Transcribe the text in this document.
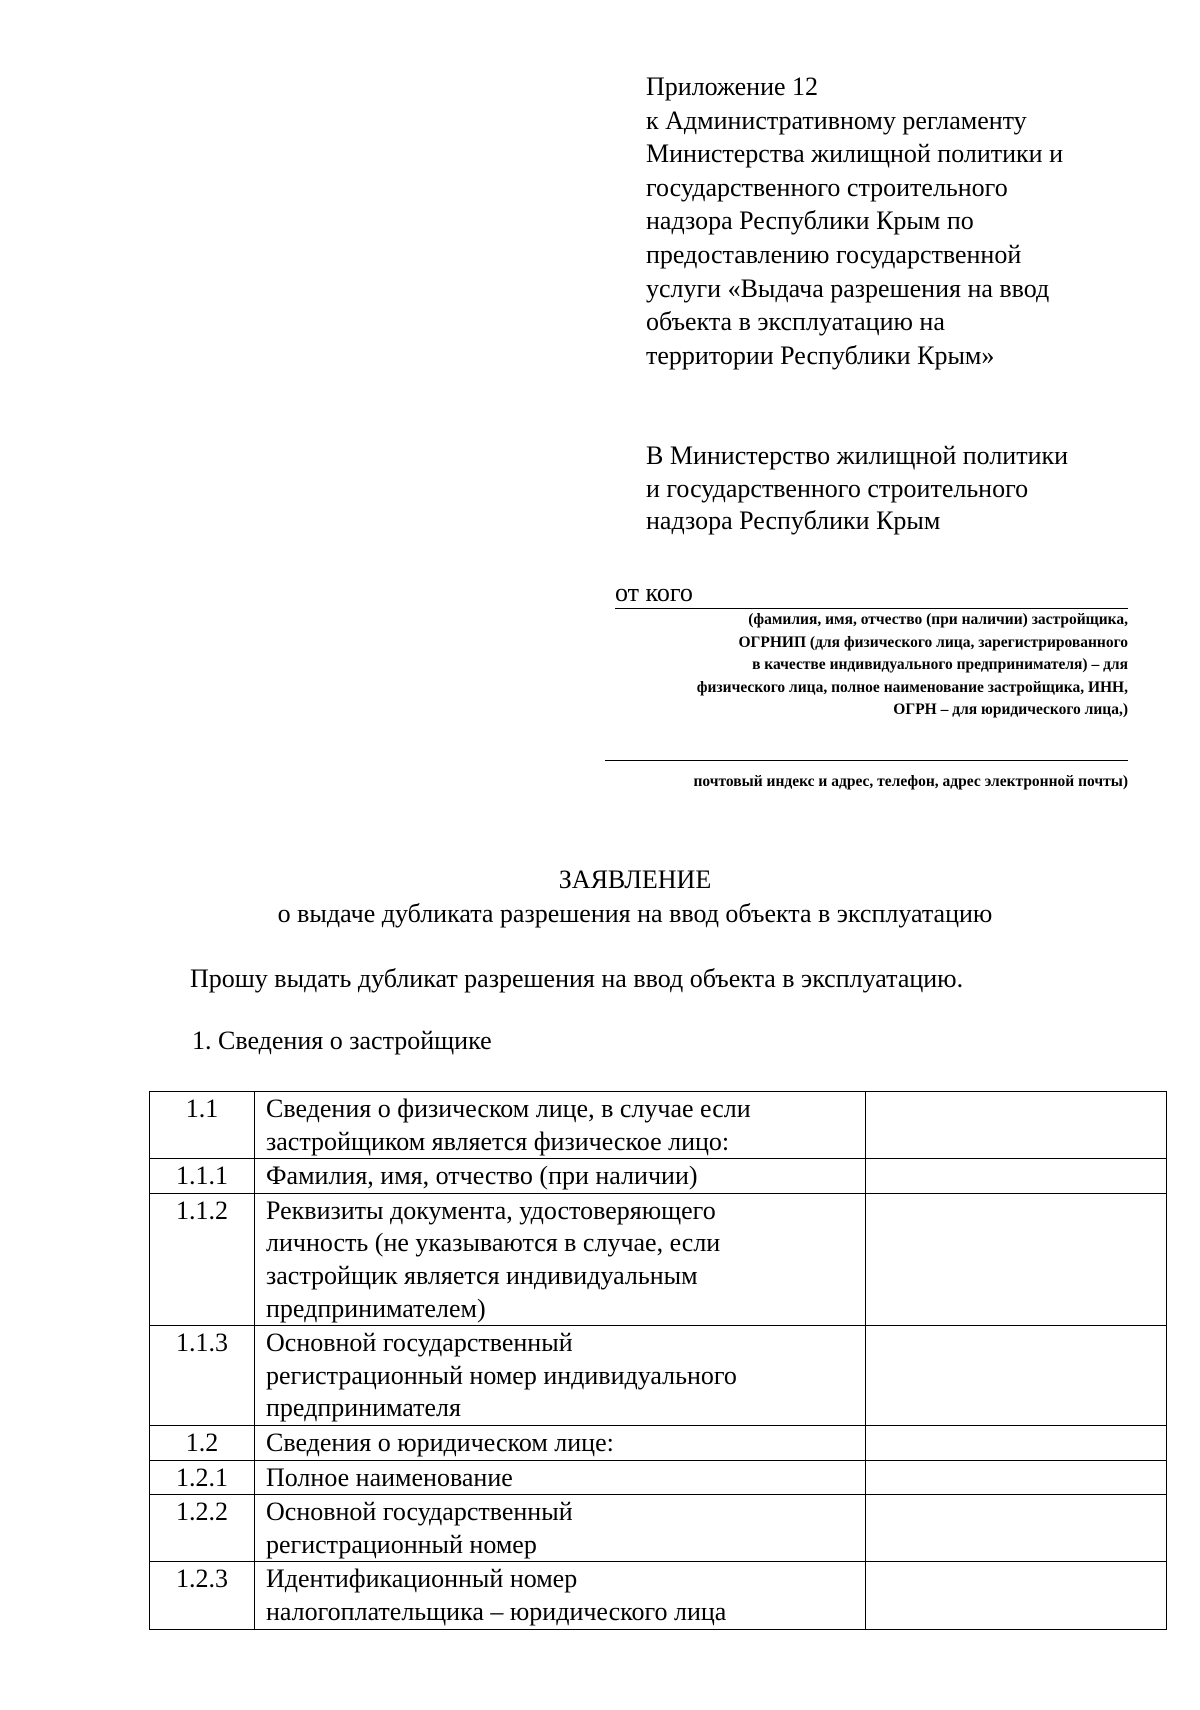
Приложение 12
к Административному регламенту
Министерства жилищной политики и
государственного строительного
надзора Республики Крым по
предоставлению государственной
услуги «Выдача разрешения на ввод
объекта в эксплуатацию на
территории Республики Крым»
В Министерство жилищной политики
и государственного строительного
надзора Республики Крым
от кого
(фамилия, имя, отчество (при наличии) застройщика,
ОГРНИП (для физического лица, зарегистрированного
в качестве индивидуального предпринимателя) – для
физического лица, полное наименование застройщика, ИНН,
ОГРН – для юридического лица,)
почтовый индекс и адрес, телефон, адрес электронной почты)
ЗАЯВЛЕНИЕ
о выдаче дубликата разрешения на ввод объекта в эксплуатацию
Прошу выдать дубликат разрешения на ввод объекта в эксплуатацию.
1. Сведения о застройщике
1.1	Сведения о физическом лице, в случае если
застройщиком является физическое лицо:	

1.1.1	Фамилия, имя, отчество (при наличии)	

1.1.2	Реквизиты документа, удостоверяющего
личность (не указываются в случае, если
застройщик является индивидуальным
предпринимателем)	

1.1.3	Основной государственный
регистрационный номер индивидуального
предпринимателя	

1.2	Сведения о юридическом лице:	

1.2.1	Полное наименование	

1.2.2	Основной государственный
регистрационный номер	

1.2.3	Идентификационный номер
налогоплательщика – юридического лица	
